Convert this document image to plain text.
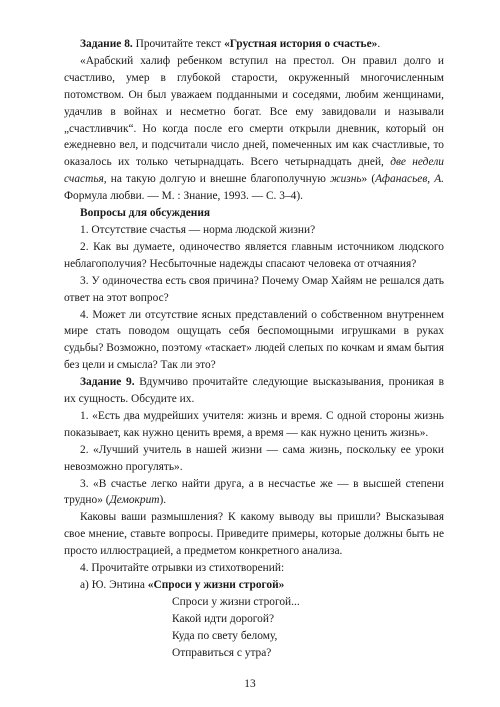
Задание 8. Прочитайте текст «Грустная история о счастье».

«Арабский халиф ребенком вступил на престол. Он правил долго и счастливо, умер в глубокой старости, окруженный многочисленным потомством. Он был уважаем подданными и соседями, любим женщинами, удачлив в войнах и несметно богат. Все ему завидовали и называли „счастливчик“. Но когда после его смерти открыли дневник, который он ежедневно вел, и подсчитали число дней, помеченных им как счастливые, то оказалось их только четырнадцать. Всего четырнадцать дней, две недели счастья, на такую долгую и внешне благополучную жизнь» (Афанасьев, А. Формула любви. — М. : Знание, 1993. — С. 3–4).

Вопросы для обсуждения

1. Отсутствие счастья — норма людской жизни?

2. Как вы думаете, одиночество является главным источником людского неблагополучия? Несбыточные надежды спасают человека от отчаяния?

3. У одиночества есть своя причина? Почему Омар Хайям не решался дать ответ на этот вопрос?

4. Может ли отсутствие ясных представлений о собственном внутреннем мире стать поводом ощущать себя беспомощными игрушками в руках судьбы? Возможно, поэтому «таскает» людей слепых по кочкам и ямам бытия без цели и смысла? Так ли это?

Задание 9. Вдумчиво прочитайте следующие высказывания, проникая в их сущность. Обсудите их.

1. «Есть два мудрейших учителя: жизнь и время. С одной стороны жизнь показывает, как нужно ценить время, а время — как нужно ценить жизнь».

2. «Лучший учитель в нашей жизни — сама жизнь, поскольку ее уроки невозможно прогулять».

3. «В счастье легко найти друга, а в несчастье же — в высшей степени трудно» (Демокрит).

Каковы ваши размышления? К какому выводу вы пришли? Высказывая свое мнение, ставьте вопросы. Приведите примеры, которые должны быть не просто иллюстрацией, а предметом конкретного анализа.

4. Прочитайте отрывки из стихотворений:

а) Ю. Энтина «Спроси у жизни строгой»

Спроси у жизни строгой...
Какой идти дорогой?
Куда по свету белому,
Отправиться с утра?
13
